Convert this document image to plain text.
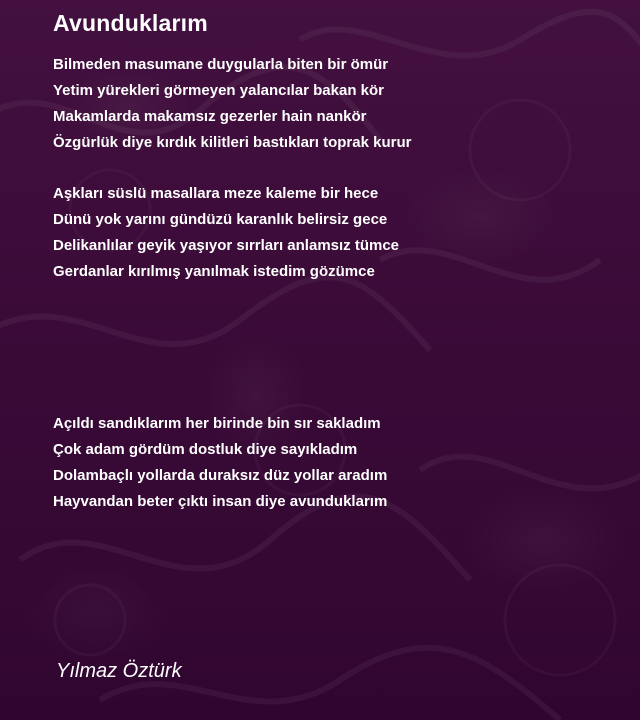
Avunduklarım
Bilmeden masumane duygularla biten bir ömür
Yetim yürekleri görmeyen yalancılar bakan kör
Makamlarda makamsız gezerler hain nankör
Özgürlük diye kırdık kilitleri bastıkları toprak kurur
Aşkları süslü masallara meze kaleme bir hece
Dünü yok yarını gündüzü karanlık belirsiz gece
Delikanlılar geyik yaşıyor sırrları anlamsız tümce
Gerdanlar kırılmış yanılmak istedim gözümce
Açıldı sandıklarım her birinde bin sır sakladım
Çok adam gördüm dostluk diye sayıkladım
Dolambaçlı yollarda duraksız düz yollar aradım
Hayvandan beter çıktı insan diye avunduklarım

Yılmaz Öztürk
